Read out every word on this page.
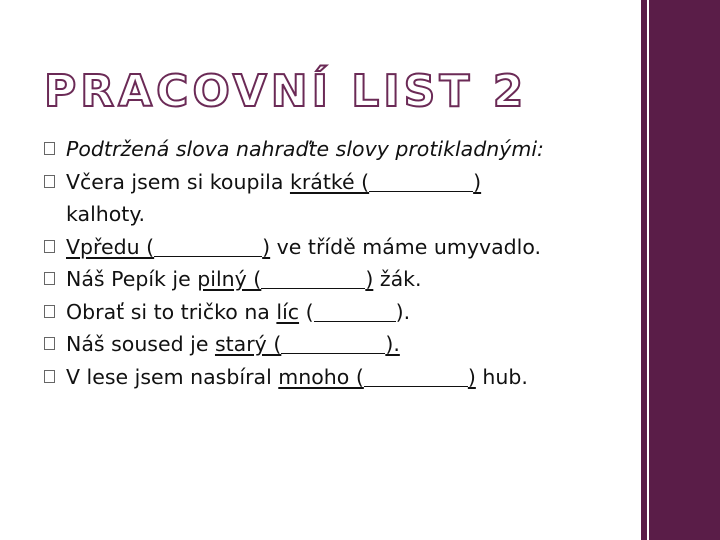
PRACOVNÍ LIST 2
Podtržená slova nahraďte slovy protikladnými:
Včera jsem si koupila krátké (	)
kalhoty.
Vpředu (	) ve třídě máme umyvadlo.
Náš Pepík je pilný (	) žák.
Obrať si to tričko na líc (	).
Náš soused je starý (	).
V lese jsem nasbíral mnoho (	) hub.
